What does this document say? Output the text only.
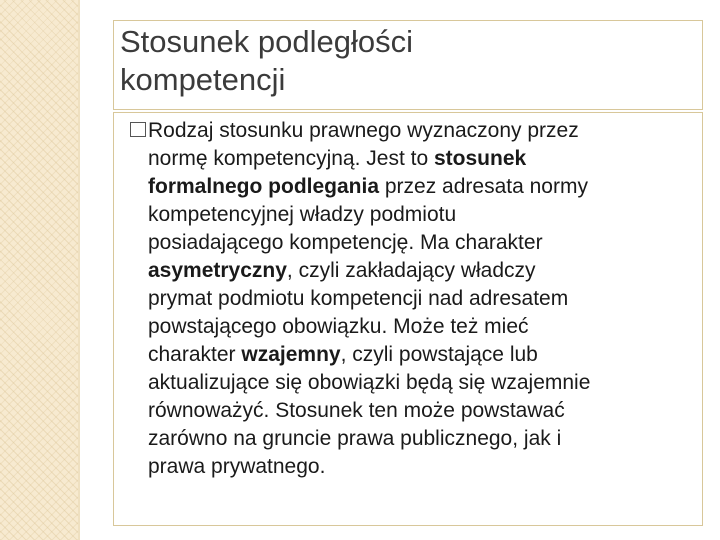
Stosunek podległości
kompetencji

Rodzaj stosunku prawnego wyznaczony przez
normę kompetencyjną. Jest to stosunek
formalnego podlegania przez adresata normy
kompetencyjnej władzy podmiotu
posiadającego kompetencję. Ma charakter
asymetryczny, czyli zakładający władczy
prymat podmiotu kompetencji nad adresatem
powstającego obowiązku. Może też mieć
charakter wzajemny, czyli powstające lub
aktualizujące się obowiązki będą się wzajemnie
równoważyć. Stosunek ten może powstawać
zarówno na gruncie prawa publicznego, jak i
prawa prywatnego.
